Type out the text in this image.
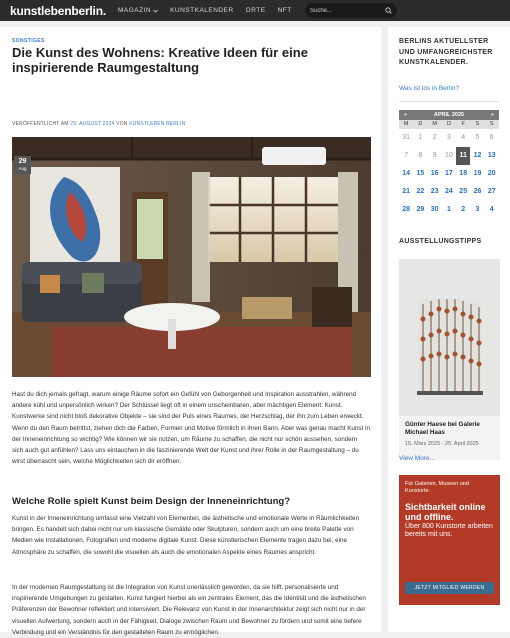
kunstlebenberlin. MAGAZIN	KUNSTKALENDER ORTE NFT
Suche...
SONSTIGES
Die Kunst des Wohnens: Kreative Ideen für eine inspirierende Raumgestaltung
VERÖFFENTLICHT AM 29. AUGUST 2024 VON KUNSTLEBEN BERLIN
29
Aug

Hast du dich jemals gefragt, warum einige Räume sofort ein Gefühl von Geborgenheit und Inspiration ausstrahlen, während andere kühl und unpersönlich wirken? Der Schlüssel liegt oft in einem unscheinbaren, aber mächtigen Element: Kunst. Kunstwerke sind nicht bloß dekorative Objekte – sie sind der Puls eines Raumes, der Herzschlag, der ihn zum Leben erweckt. Wenn du den Raum betrittst, ziehen dich die Farben, Formen und Motive förmlich in ihren Bann. Aber was genau macht Kunst in der Inneneinrichtung so wichtig? Wie können wir sie nutzen, um Räume zu schaffen, die nicht nur schön aussehen, sondern sich auch gut anfühlen? Lass uns eintauchen in die faszinierende Welt der Kunst und ihrer Rolle in der Raumgestaltung – du wirst überrascht sein, welche Möglichkeiten sich dir eröffnen.

Welche Rolle spielt Kunst beim Design der Inneneinrichtung?

Kunst in der Inneneinrichtung umfasst eine Vielzahl von Elementen, die ästhetische und emotionale Werte in Räumlichkeiten bringen. Es handelt sich dabei nicht nur um klassische Gemälde oder Skulpturen, sondern auch um eine breite Palette von Medien wie Installationen, Fotografien und moderne digitale Kunst. Diese künstlerischen Elemente tragen dazu bei, eine Atmosphäre zu schaffen, die sowohl die visuellen als auch die emotionalen Aspekte eines Raumes anspricht.

In der modernen Raumgestaltung ist die Integration von Kunst unerlässlich geworden, da sie hilft, personalisierte und inspirierende Umgebungen zu gestalten. Kunst fungiert hierbei als ein zentrales Element, das die Identität und die ästhetischen Präferenzen der Bewohner reflektiert und intensiviert. Die Relevanz von Kunst in der Innenarchitektur zeigt sich nicht nur in der visuellen Aufwertung, sondern auch in der Fähigkeit, Dialoge zwischen Raum und Bewohner zu fördern und somit eine tiefere Verbindung und ein Verständnis für den gestalteten Raum zu ermöglichen.

BERLINS AKTUELLSTER UND UMFANGREICHSTER KUNSTKALENDER.
Was ist los in Berlin?
«	APRIL 2025	»
M	D	M	D	F	S	S
31	1	2	3	4	5	6
7	8	9	10 11 12 13
14 15 16 17 18 19 20
21 22 23 24 25 26 27
28 29 30	1	2	3	4
AUSSTELLUNGSTIPPS
Günter Haese bei Galerie Michael Haas
15. März 2025 - 25. April 2025
View More...
Für Galerien, Museen und Kunstorte.
Sichtbarkeit online und offline.
Über 800 Kunstorte arbeiten bereits mit uns.
JETZT MITGLIED WERDEN
